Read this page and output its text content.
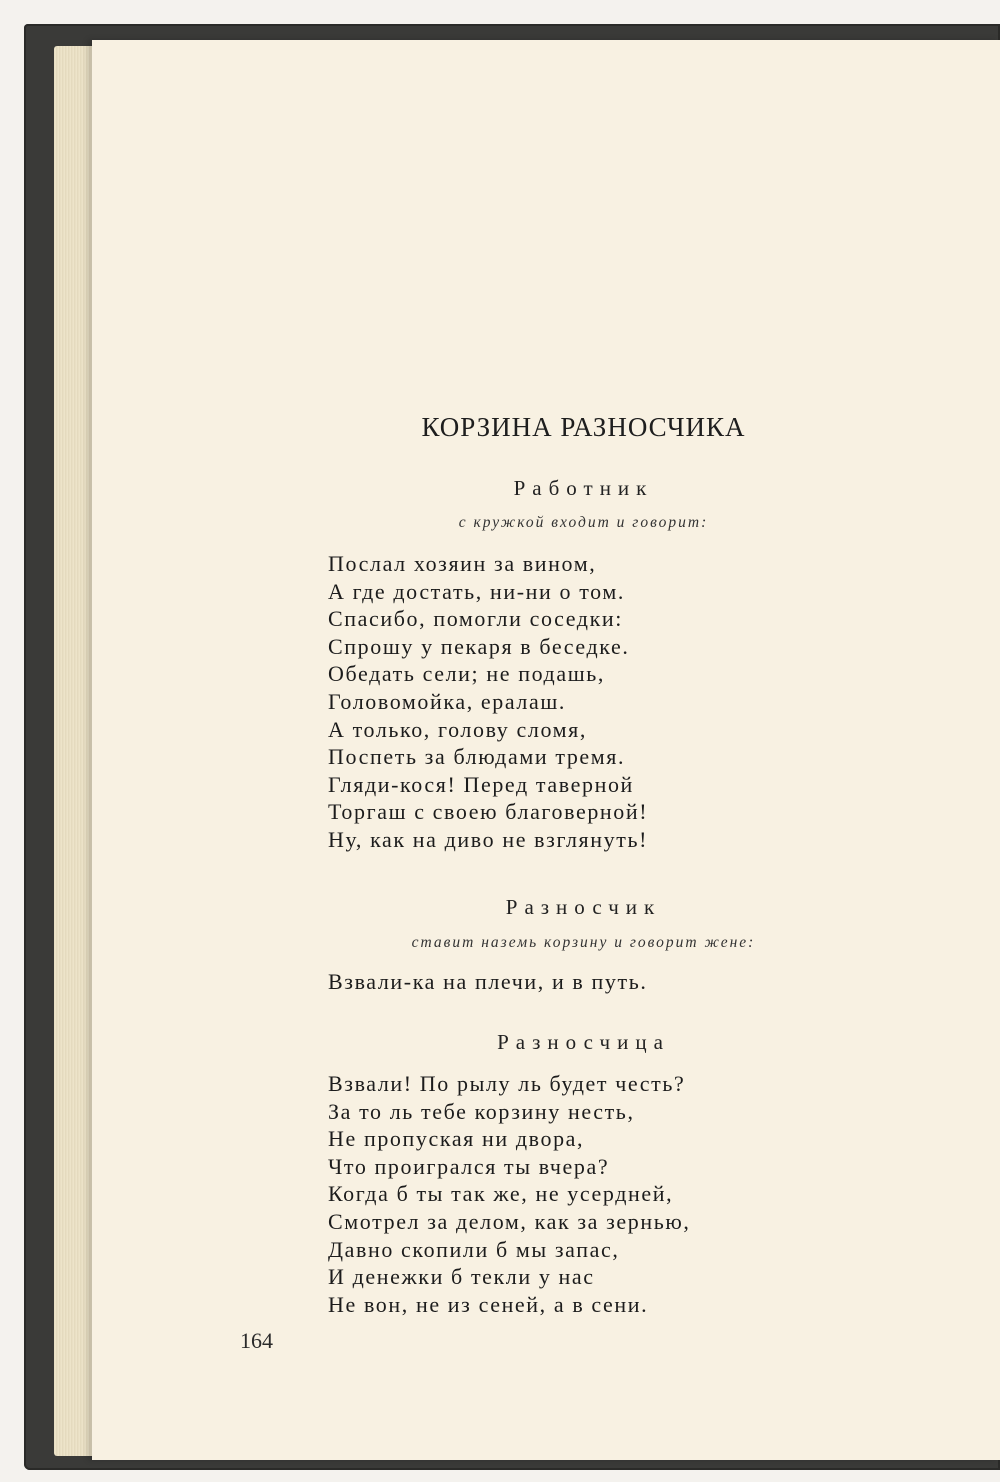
КОРЗИНА РАЗНОСЧИКА
Работник
с кружкой входит и говорит:
Послал хозяин за вином,
А где достать, ни-ни о том.
Спасибо, помогли соседки:
Спрошу у пекаря в беседке.
Обедать сели; не подашь,
Головомойка, ералаш.
А только, голову сломя,
Поспеть за блюдами тремя.
Гляди-кося! Перед таверной
Торгаш с своею благоверной!
Ну, как на диво не взглянуть!
Разносчик
ставит наземь корзину и говорит жене:
Взвали-ка на плечи, и в путь.
Разносчица
Взвали! По рылу ль будет честь?
За то ль тебе корзину несть,
Не пропуская ни двора,
Что проигрался ты вчера?
Когда б ты так же, не усердней,
Смотрел за делом, как за зернью,
Давно скопили б мы запас,
И денежки б текли у нас
Не вон, не из сеней, а в сени.
164
